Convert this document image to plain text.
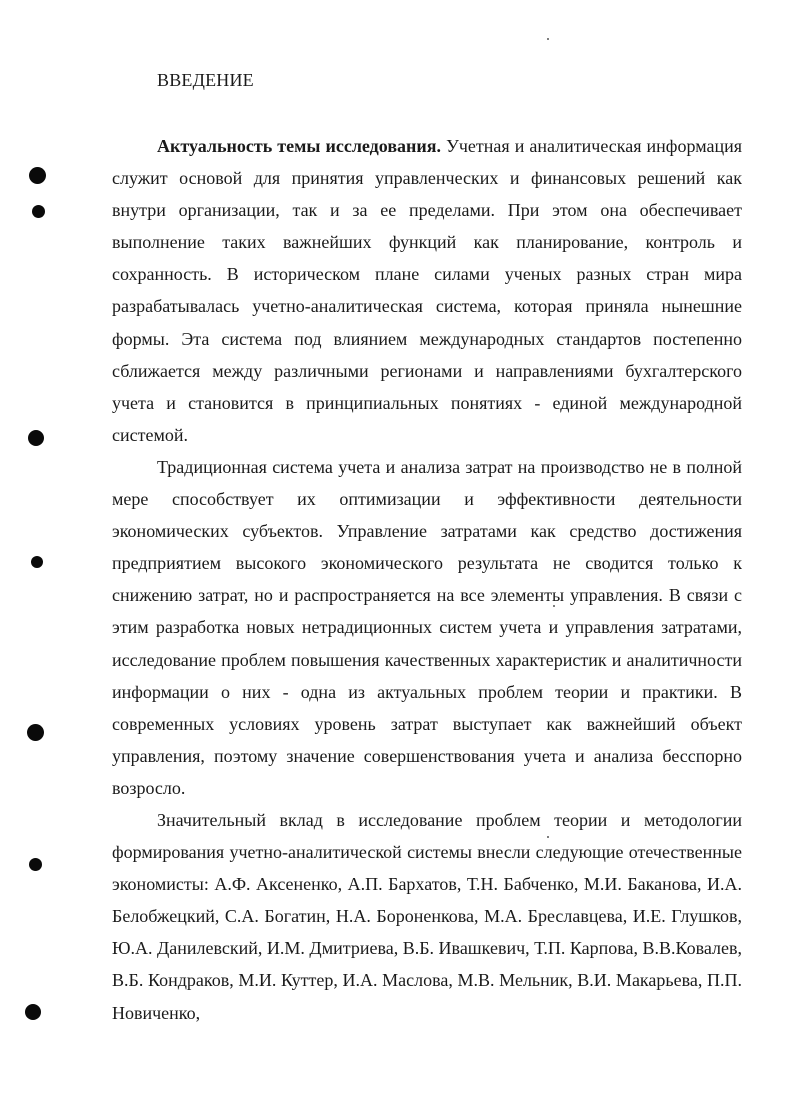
ВВЕДЕНИЕ

Актуальность темы исследования. Учетная и аналитическая информация служит основой для принятия управленческих и финансовых решений как внутри организации, так и за ее пределами. При этом она обеспечивает выполнение таких важнейших функций как планирование, контроль и сохранность. В историческом плане силами ученых разных стран мира разрабатывалась учетно-аналитическая система, которая приняла нынешние формы. Эта система под влиянием международных стандартов постепенно сближается между различными регионами и направлениями бухгалтерского учета и становится в принципиальных понятиях - единой международной системой.

Традиционная система учета и анализа затрат на производство не в полной мере способствует их оптимизации и эффективности деятельности экономических субъектов. Управление затратами как средство достижения предприятием высокого экономического результата не сводится только к снижению затрат, но и распространяется на все элементы управления. В связи с этим разработка новых нетрадиционных систем учета и управления затратами, исследование проблем повышения качественных характеристик и аналитичности информации о них - одна из актуальных проблем теории и практики. В современных условиях уровень затрат выступает как важнейший объект управления, поэтому значение совершенствования учета и анализа бесспорно возросло.

Значительный вклад в исследование проблем теории и методологии формирования учетно-аналитической системы внесли следующие отечественные экономисты: А.Ф. Аксененко, А.П. Бархатов, Т.Н. Бабченко, М.И. Баканова, И.А. Белобжецкий, С.А. Богатин, Н.А. Бороненкова, М.А. Бреславцева, И.Е. Глушков, Ю.А. Данилевский, И.М. Дмитриева, В.Б. Ивашкевич, Т.П. Карпова, В.В.Ковалев, В.Б. Кондраков, М.И. Куттер, И.А. Маслова, М.В. Мельник, В.И. Макарьева, П.П. Новиченко,
